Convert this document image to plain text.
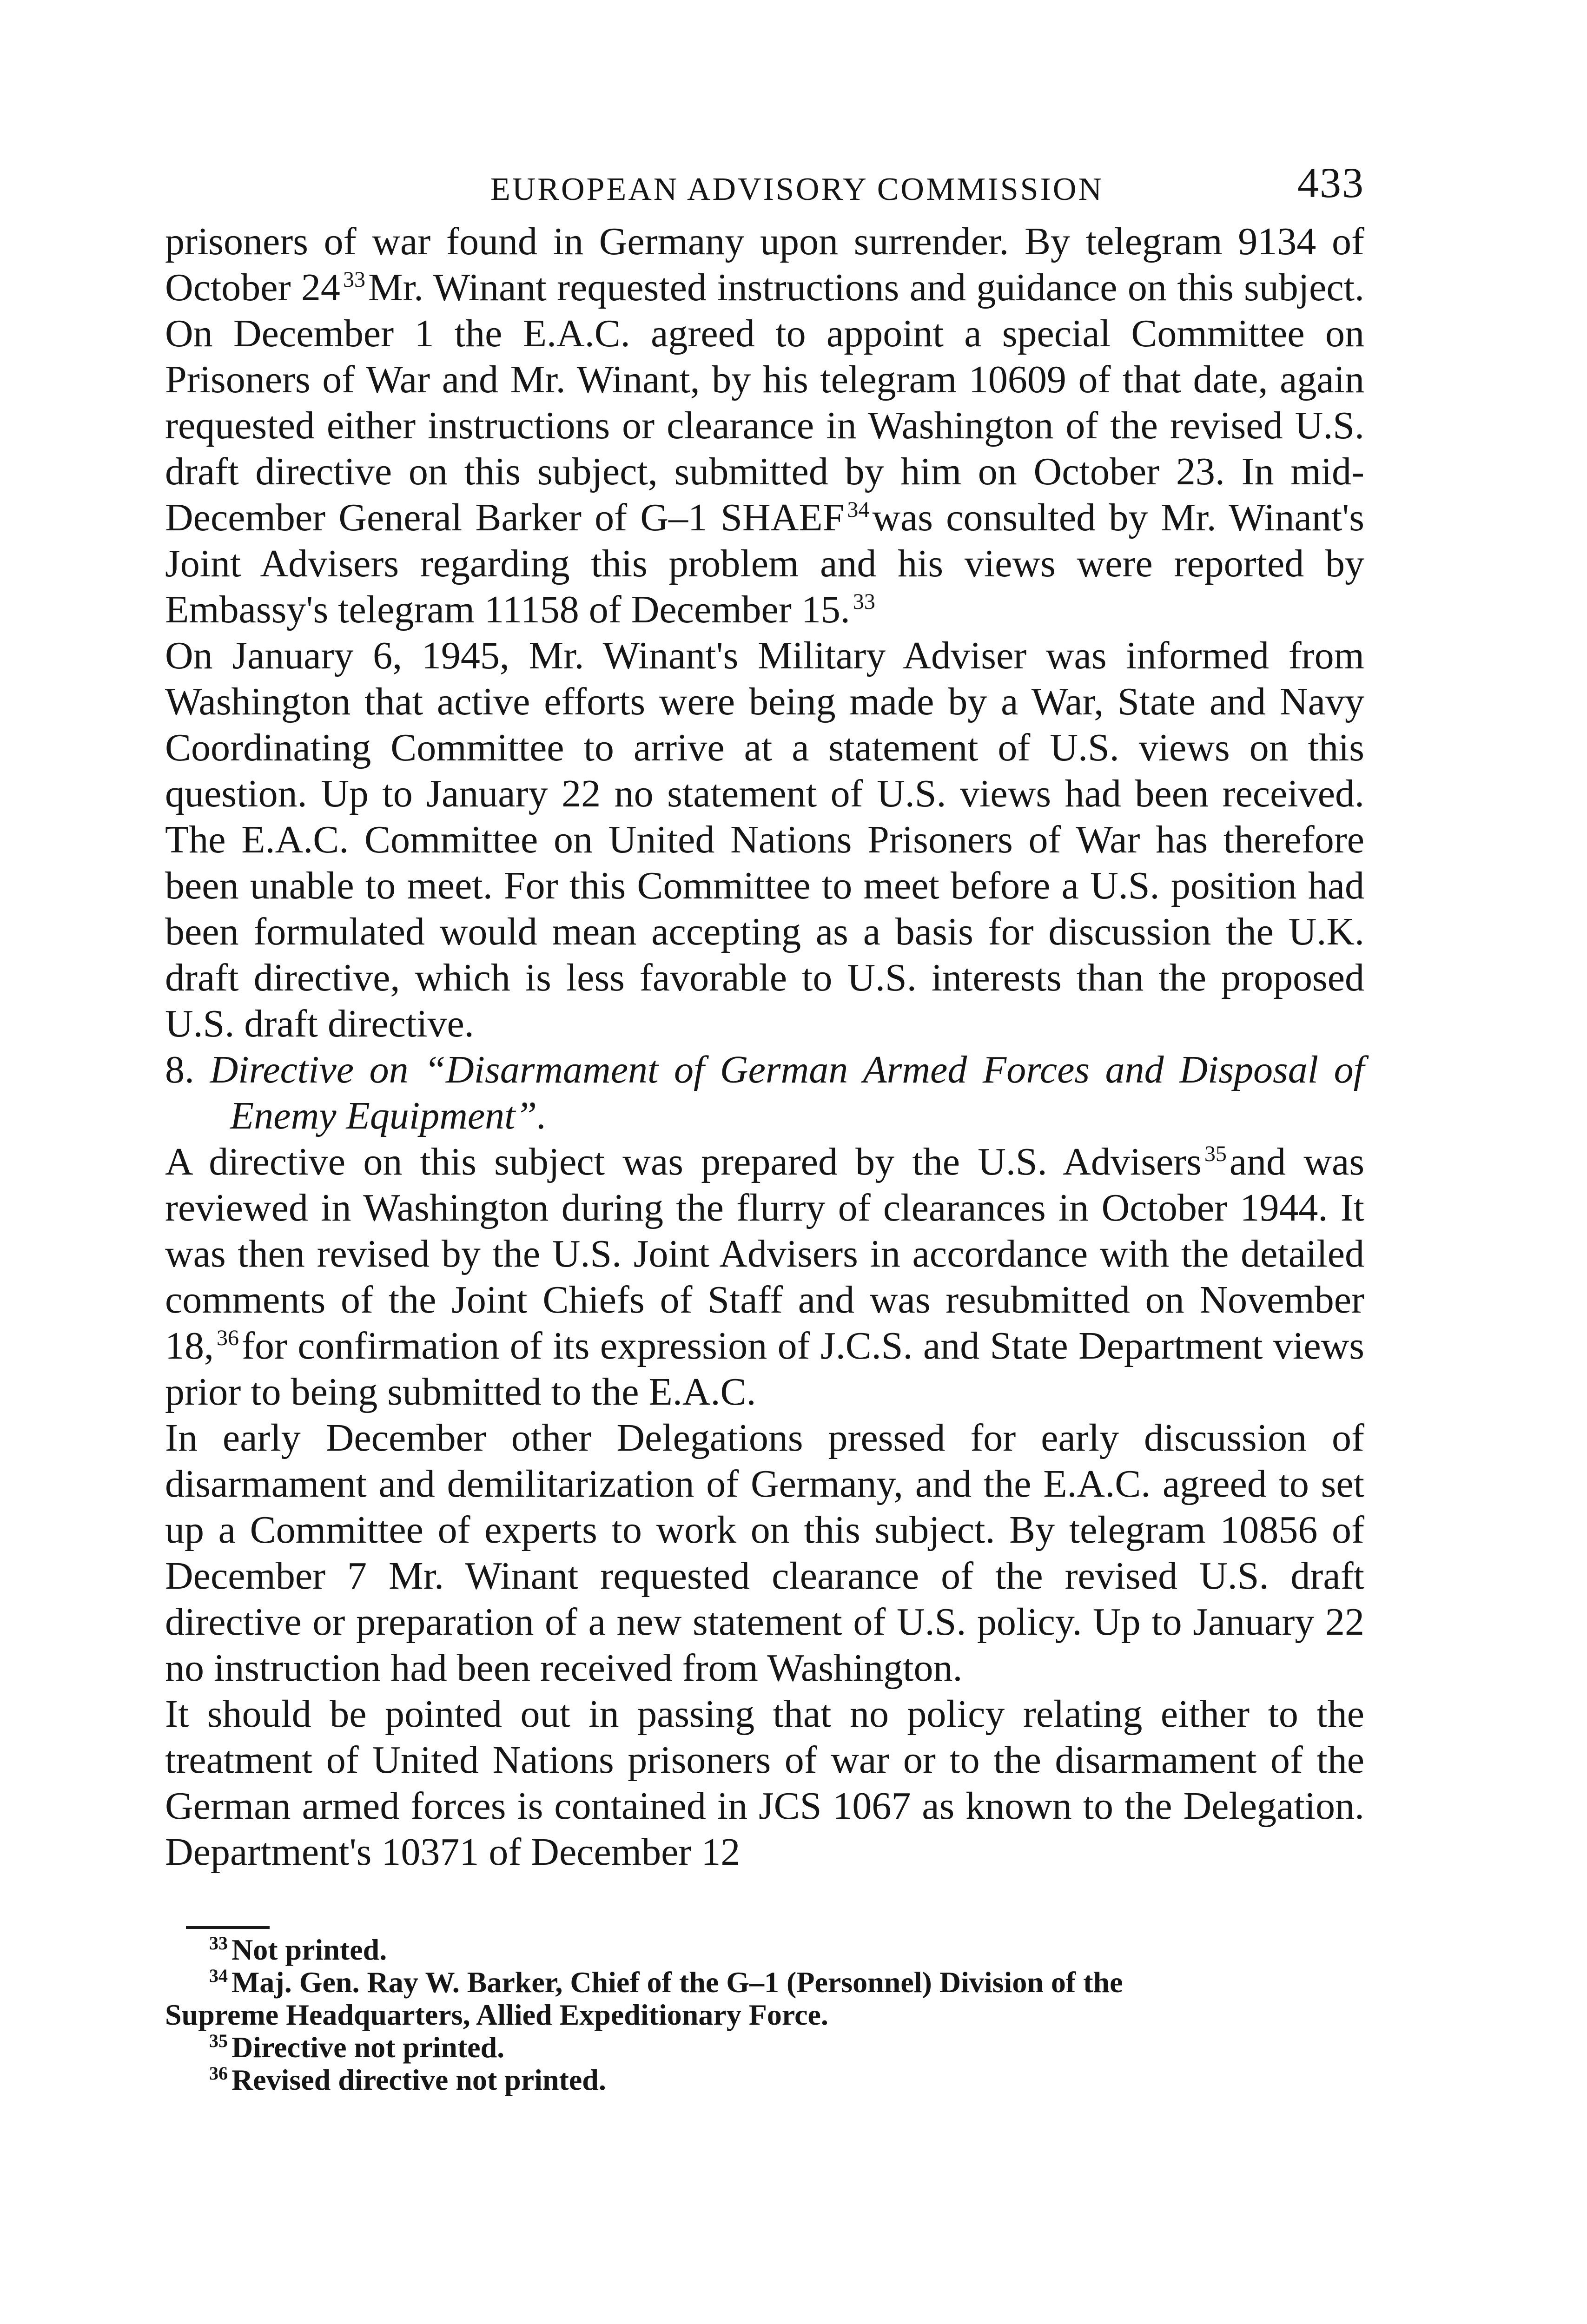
EUROPEAN ADVISORY COMMISSION	433

prisoners of war found in Germany upon surrender. By telegram 9134 of October 24 $^{33}$Mr. Winant requested instructions and guidance on this subject. On December 1 the E.A.C. agreed to appoint a special Committee on Prisoners of War and Mr. Winant, by his telegram 10609 of that date, again requested either instructions or clearance in Washington of the revised U.S. draft directive on this subject, submitted by him on October 23. In mid-December General Barker of G–1 SHAEF $^{34}$was consulted by Mr. Winant's Joint Advisers regarding this problem and his views were reported by Embassy's telegram 11158 of December 15. $^{33}$

On January 6, 1945, Mr. Winant's Military Adviser was informed from Washington that active efforts were being made by a War, State and Navy Coordinating Committee to arrive at a statement of U.S. views on this question. Up to January 22 no statement of U.S. views had been received. The E.A.C. Committee on United Nations Prisoners of War has therefore been unable to meet. For this Committee to meet before a U.S. position had been formulated would mean accepting as a basis for discussion the U.K. draft directive, which is less favorable to U.S. interests than the proposed U.S. draft directive.

8. Directive on “Disarmament of German Armed Forces and Disposal of Enemy Equipment”.

A directive on this subject was prepared by the U.S. Advisers $^{35}$and was reviewed in Washington during the flurry of clearances in October 1944. It was then revised by the U.S. Joint Advisers in accordance with the detailed comments of the Joint Chiefs of Staff and was resubmitted on November 18, $^{36}$for confirmation of its expression of J.C.S. and State Department views prior to being submitted to the E.A.C.

In early December other Delegations pressed for early discussion of disarmament and demilitarization of Germany, and the E.A.C. agreed to set up a Committee of experts to work on this subject. By telegram 10856 of December 7 Mr. Winant requested clearance of the revised U.S. draft directive or preparation of a new statement of U.S. policy. Up to January 22 no instruction had been received from Washington.

It should be pointed out in passing that no policy relating either to the treatment of United Nations prisoners of war or to the disarmament of the German armed forces is contained in JCS 1067 as known to the Delegation. Department's 10371 of December 12

$^{33}$ Not printed.
$^{34}$ Maj. Gen. Ray W. Barker, Chief of the G–1 (Personnel) Division of the
Supreme Headquarters, Allied Expeditionary Force.
$^{35}$ Directive not printed.
$^{36}$ Revised directive not printed.
